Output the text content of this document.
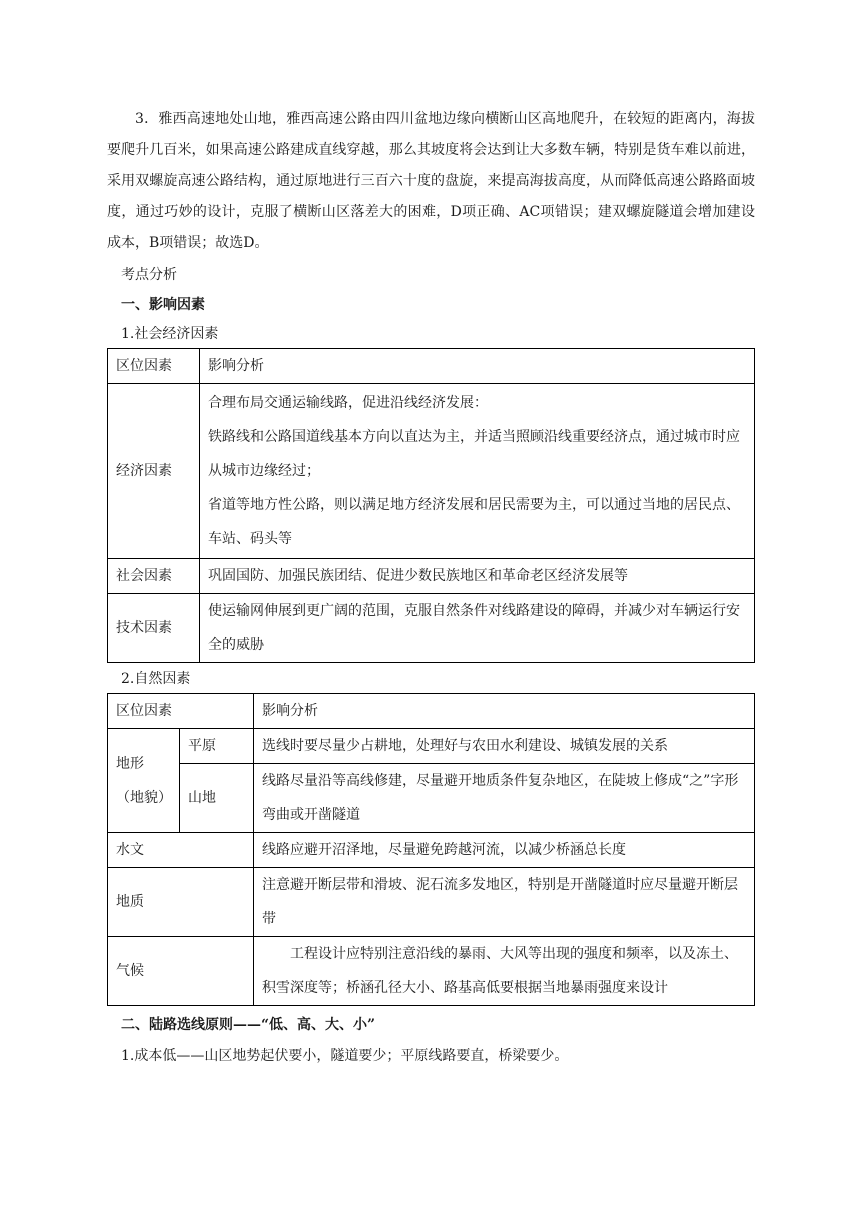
3．雅西高速地处山地，雅西高速公路由四川盆地边缘向横断山区高地爬升，在较短的距离内，海拔要爬升几百米，如果高速公路建成直线穿越，那么其坡度将会达到让大多数车辆，特别是货车难以前进，采用双螺旋高速公路结构，通过原地进行三百六十度的盘旋，来提高海拔高度，从而降低高速公路路面坡度，通过巧妙的设计，克服了横断山区落差大的困难，D项正确、AC项错误；建双螺旋隧道会增加建设成本，B项错误；故选D。

考点分析

一、影响因素

1.社会经济因素

区位因素	影响分析
经济因素	合理布局交通运输线路，促进沿线经济发展：

铁路线和公路国道线基本方向以直达为主，并适当照顾沿线重要经济点，通过城市时应从城市边缘经过；

省道等地方性公路，则以满足地方经济发展和居民需要为主，可以通过当地的居民点、车站、码头等

社会因素	巩固国防、加强民族团结、促进少数民族地区和革命老区经济发展等
技术因素	使运输网伸展到更广阔的范围，克服自然条件对线路建设的障碍，并减少对车辆运行安全的威胁

2.自然因素

区位因素		影响分析
地形（地貌）	平原	选线时要尽量少占耕地，处理好与农田水利建设、城镇发展的关系
	山地	线路尽量沿等高线修建，尽量避开地质条件复杂地区，在陡坡上修成“之”字形弯曲或开凿隧道
水文		线路应避开沼泽地，尽量避免跨越河流，以减少桥涵总长度
地质		注意避开断层带和滑坡、泥石流多发地区，特别是开凿隧道时应尽量避开断层带
气候		工程设计应特别注意沿线的暴雨、大风等出现的强度和频率，以及冻土、积雪深度等；桥涵孔径大小、路基高低要根据当地暴雨强度来设计

二、陆路选线原则——“低、高、大、小”

1.成本低——山区地势起伏要小，隧道要少；平原线路要直，桥梁要少。
